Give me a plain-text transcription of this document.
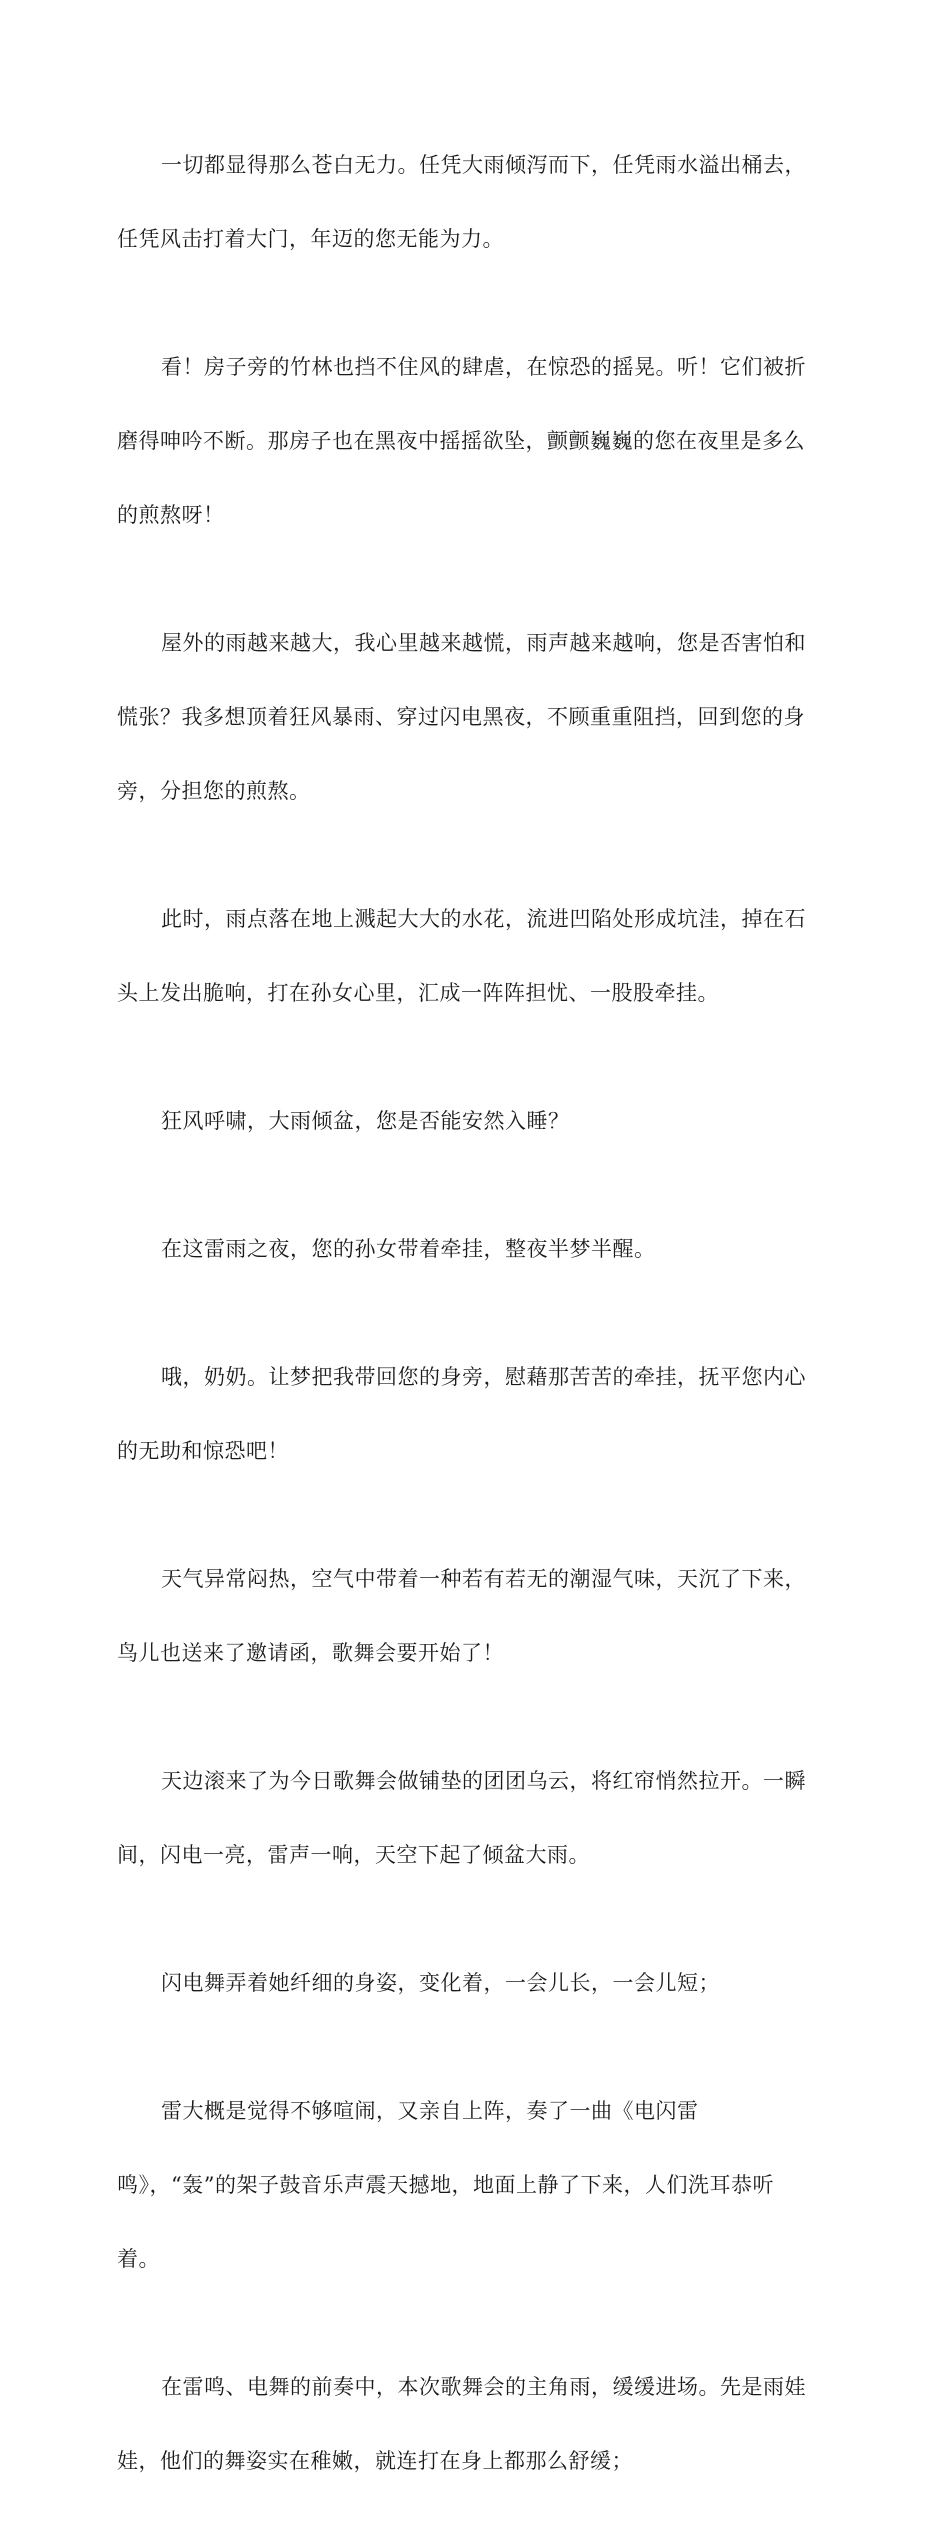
一切都显得那么苍白无力。任凭大雨倾泻而下，任凭雨水溢出桶去，

任凭风击打着大门，年迈的您无能为力。

看！房子旁的竹林也挡不住风的肆虐，在惊恐的摇晃。听！它们被折

磨得呻吟不断。那房子也在黑夜中摇摇欲坠，颤颤巍巍的您在夜里是多么

的煎熬呀！

屋外的雨越来越大，我心里越来越慌，雨声越来越响，您是否害怕和

慌张？我多想顶着狂风暴雨、穿过闪电黑夜，不顾重重阻挡，回到您的身

旁，分担您的煎熬。

此时，雨点落在地上溅起大大的水花，流进凹陷处形成坑洼，掉在石

头上发出脆响，打在孙女心里，汇成一阵阵担忧、一股股牵挂。

狂风呼啸，大雨倾盆，您是否能安然入睡？

在这雷雨之夜，您的孙女带着牵挂，整夜半梦半醒。

哦，奶奶。让梦把我带回您的身旁，慰藉那苦苦的牵挂，抚平您内心

的无助和惊恐吧！

天气异常闷热，空气中带着一种若有若无的潮湿气味，天沉了下来，

鸟儿也送来了邀请函，歌舞会要开始了！

天边滚来了为今日歌舞会做铺垫的团团乌云，将红帘悄然拉开。一瞬

间，闪电一亮，雷声一响，天空下起了倾盆大雨。

闪电舞弄着她纤细的身姿，变化着，一会儿长，一会儿短；

雷大概是觉得不够喧闹，又亲自上阵，奏了一曲《电闪雷

鸣》，“轰”的架子鼓音乐声震天撼地，地面上静了下来，人们洗耳恭听

着。

在雷鸣、电舞的前奏中，本次歌舞会的主角雨，缓缓进场。先是雨娃

娃，他们的舞姿实在稚嫩，就连打在身上都那么舒缓；
